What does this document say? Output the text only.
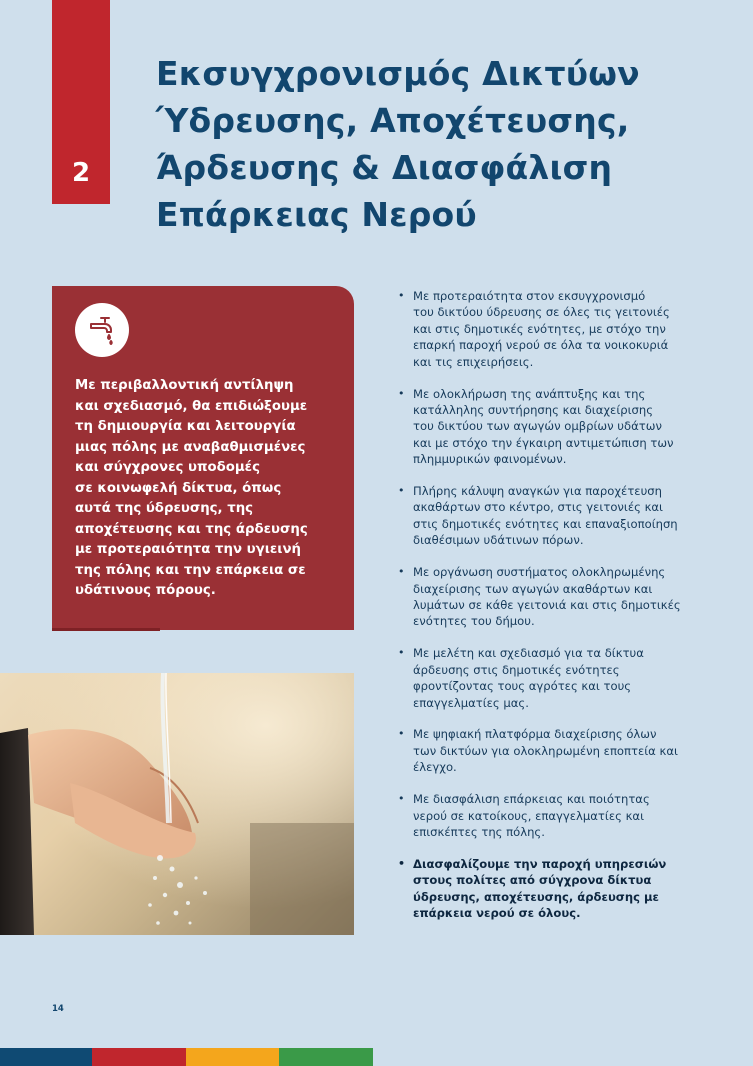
2
Εκσυγχρονισμός Δικτύων
Ύδρευσης, Αποχέτευσης,
Άρδευσης & Διασφάλιση
Επάρκειας Νερού

Με περιβαλλοντική αντίληψη
και σχεδιασμό, θα επιδιώξουμε
τη δημιουργία και λειτουργία
μιας πόλης με αναβαθμισμένες
και σύγχρονες υποδομές
σε κοινωφελή δίκτυα, όπως
αυτά της ύδρευσης, της
αποχέτευσης και της άρδευσης
με προτεραιότητα την υγιεινή
της πόλης και την επάρκεια σε
υδάτινους πόρους.

• Με προτεραιότητα στον εκσυγχρονισμό
του δικτύου ύδρευσης σε όλες τις γειτονιές
και στις δημοτικές ενότητες, με στόχο την
επαρκή παροχή νερού σε όλα τα νοικοκυριά
και τις επιχειρήσεις.
• Με ολοκλήρωση της ανάπτυξης και της
κατάλληλης συντήρησης και διαχείρισης
του δικτύου των αγωγών ομβρίων υδάτων
και με στόχο την έγκαιρη αντιμετώπιση των
πλημμυρικών φαινομένων.
• Πλήρης κάλυψη αναγκών για παροχέτευση
ακαθάρτων στο κέντρο, στις γειτονιές και
στις δημοτικές ενότητες και επαναξιοποίηση
διαθέσιμων υδάτινων πόρων.
• Με οργάνωση συστήματος ολοκληρωμένης
διαχείρισης των αγωγών ακαθάρτων και
λυμάτων σε κάθε γειτονιά και στις δημοτικές
ενότητες του δήμου.
• Με μελέτη και σχεδιασμό για τα δίκτυα
άρδευσης στις δημοτικές ενότητες
φροντίζοντας τους αγρότες και τους
επαγγελματίες μας.
• Με ψηφιακή πλατφόρμα διαχείρισης όλων
των δικτύων για ολοκληρωμένη εποπτεία και
έλεγχο.
• Με διασφάλιση επάρκειας και ποιότητας
νερού σε κατοίκους, επαγγελματίες και
επισκέπτες της πόλης.
• Διασφαλίζουμε την παροχή υπηρεσιών
στους πολίτες από σύγχρονα δίκτυα
ύδρευσης, αποχέτευσης, άρδευσης με
επάρκεια νερού σε όλους.
14
